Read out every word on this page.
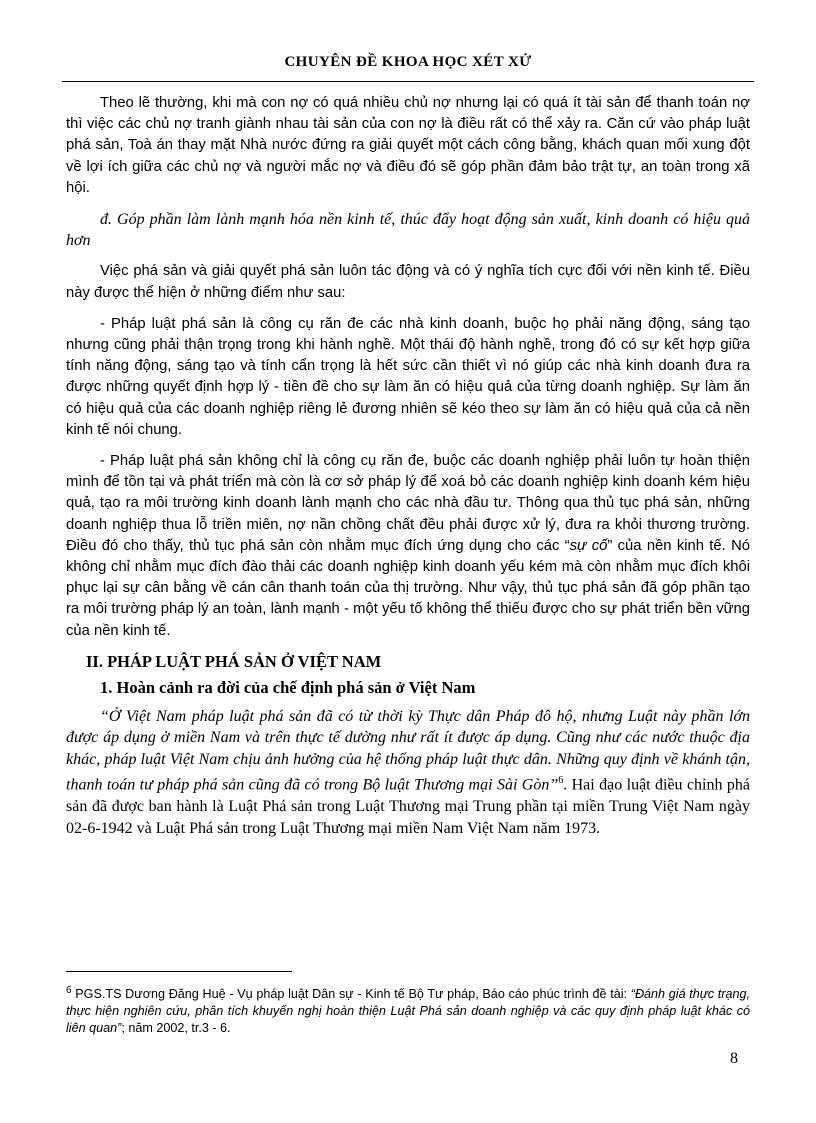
CHUYÊN ĐỀ KHOA HỌC XÉT XỬ

Theo lẽ thường, khi mà con nợ có quá nhiều chủ nợ nhưng lại có quá ít tài sản để thanh toán nợ thì việc các chủ nợ tranh giành nhau tài sản của con nợ là điều rất có thể xảy ra. Căn cứ vào pháp luật phá sản, Toà án thay mặt Nhà nước đứng ra giải quyết một cách công bằng, khách quan mối xung đột về lợi ích giữa các chủ nợ và người mắc nợ và điều đó sẽ góp phần đảm bảo trật tự, an toàn trong xã hội.

đ. Góp phần làm lành mạnh hóa nền kinh tế, thúc đẩy hoạt động sản xuất, kinh doanh có hiệu quả hơn

Việc phá sản và giải quyết phá sản luôn tác động và có ý nghĩa tích cực đối với nền kinh tế. Điều này được thể hiện ở những điểm như sau:

- Pháp luật phá sản là công cụ răn đe các nhà kinh doanh, buộc họ phải năng động, sáng tạo nhưng cũng phải thận trọng trong khi hành nghề. Một thái độ hành nghề, trong đó có sự kết hợp giữa tính năng động, sáng tạo và tính cẩn trọng là hết sức cần thiết vì nó giúp các nhà kinh doanh đưa ra được những quyết định hợp lý - tiền đề cho sự làm ăn có hiệu quả của từng doanh nghiệp. Sự làm ăn có hiệu quả của các doanh nghiệp riêng lẻ đương nhiên sẽ kéo theo sự làm ăn có hiệu quả của cả nền kinh tế nói chung.

- Pháp luật phá sản không chỉ là công cụ răn đe, buộc các doanh nghiệp phải luôn tự hoàn thiện mình để tồn tại và phát triển mà còn là cơ sở pháp lý để xoá bỏ các doanh nghiệp kinh doanh kém hiệu quả, tạo ra môi trường kinh doanh lành mạnh cho các nhà đầu tư. Thông qua thủ tục phá sản, những doanh nghiệp thua lỗ triền miên, nợ nần chồng chất đều phải được xử lý, đưa ra khỏi thương trường. Điều đó cho thấy, thủ tục phá sản còn nhằm mục đích ứng dụng cho các “sự cố” của nền kinh tế. Nó không chỉ nhằm mục đích đào thải các doanh nghiệp kinh doanh yếu kém mà còn nhằm mục đích khôi phục lại sự cân bằng về cán cân thanh toán của thị trường. Như vậy, thủ tục phá sản đã góp phần tạo ra môi trường pháp lý an toàn, lành mạnh - một yếu tố không thể thiếu được cho sự phát triển bền vững của nền kinh tế.

II. PHÁP LUẬT PHÁ SẢN Ở VIỆT NAM
1. Hoàn cảnh ra đời của chế định phá sản ở Việt Nam

“Ở Việt Nam pháp luật phá sản đã có từ thời kỳ Thực dân Pháp đô hộ, nhưng Luật này phần lớn được áp dụng ở miền Nam và trên thực tế dường như rất ít được áp dụng. Cũng như các nước thuộc địa khác, pháp luật Việt Nam chịu ảnh hưởng của hệ thống pháp luật thực dân. Những quy định về khánh tận, thanh toán tư pháp phá sản cũng đã có trong Bộ luật Thương mại Sài Gòn”$^6$. Hai đạo luật điều chỉnh phá sản đã được ban hành là Luật Phá sản trong Luật Thương mại Trung phần tại miền Trung Việt Nam ngày 02-6-1942 và Luật Phá sản trong Luật Thương mại miền Nam Việt Nam năm 1973.

$^6$ PGS.TS Dương Đăng Huệ - Vụ pháp luật Dân sự - Kinh tế Bộ Tư pháp, Báo cáo phúc trình đề tài: “Đánh giá thực trạng, thực hiện nghiên cứu, phân tích khuyến nghị hoàn thiện Luật Phá sản doanh nghiệp và các quy định pháp luật khác có liên quan”; năm 2002, tr.3 - 6.
8
